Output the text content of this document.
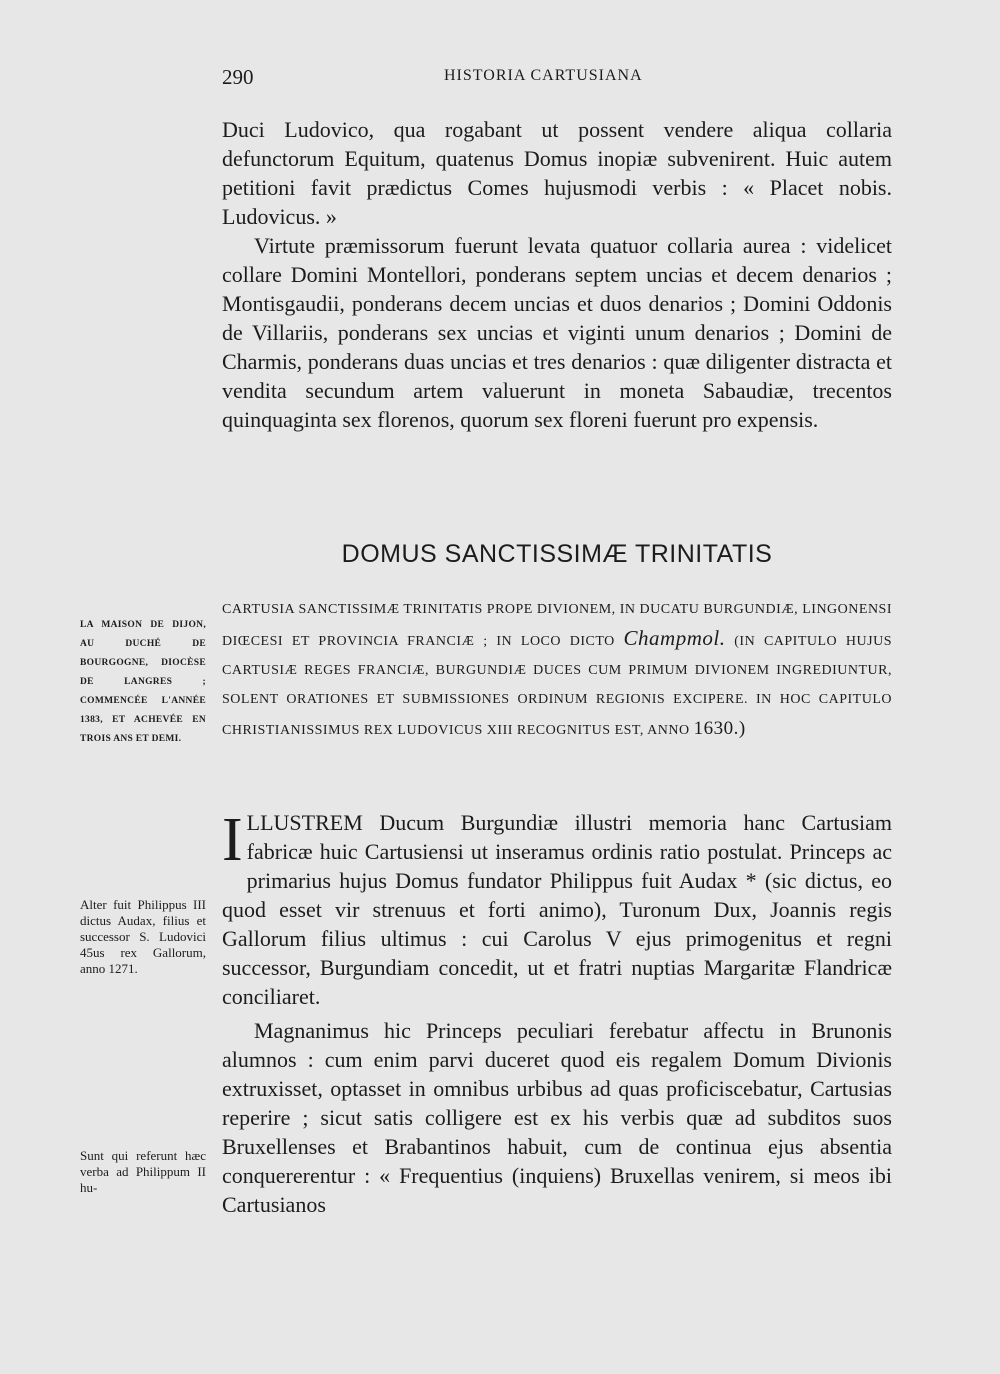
290	HISTORIA CARTUSIANA

Duci Ludovico, qua rogabant ut possent vendere aliqua collaria defunctorum Equitum, quatenus Domus inopiæ subvenirent. Huic autem petitioni favit prædictus Comes hujusmodi verbis : « Placet nobis. Ludovicus. »

Virtute præmissorum fuerunt levata quatuor collaria aurea : videlicet collare Domini Montellori, ponderans septem uncias et decem denarios ; Montisgaudii, ponderans decem uncias et duos denarios ; Domini Oddonis de Villariis, ponderans sex uncias et viginti unum denarios ; Domini de Charmis, ponderans duas uncias et tres denarios : quæ diligenter distracta et vendita secundum artem valuerunt in moneta Sabaudiæ, trecentos quinquaginta sex florenos, quorum sex floreni fuerunt pro expensis.

DOMUS SANCTISSIMÆ TRINITATIS

CARTUSIA SANCTISSIMÆ TRINITATIS PROPE DIVIONEM, IN DUCATU BURGUNDIÆ, LINGONENSI DIŒCESI ET PROVINCIA FRANCIÆ ; IN LOCO DICTO Champmol. (IN CAPITULO HUJUS CARTUSIÆ REGES FRANCIÆ, BURGUNDIÆ DUCES CUM PRIMUM DIVIONEM INGREDIUNTUR, SOLENT ORATIONES ET SUBMISSIONES ORDINUM REGIONIS EXCIPERE. IN HOC CAPITULO CHRISTIANISSIMUS REX LUDOVICUS XIII RECOGNITUS EST, ANNO 1630.)

ILLUSTREM Ducum Burgundiæ illustri memoria hanc Cartusiam fabricæ huic Cartusiensi ut inseramus ordinis ratio postulat. Princeps ac primarius hujus Domus fundator Philippus fuit Audax * (sic dictus, eo quod esset vir strenuus et forti animo), Turonum Dux, Joannis regis Gallorum filius ultimus : cui Carolus V ejus primogenitus et regni successor, Burgundiam concedit, ut et fratri nuptias Margaritæ Flandricæ conciliaret.

Magnanimus hic Princeps peculiari ferebatur affectu in Brunonis alumnos : cum enim parvi duceret quod eis regalem Domum Divionis extruxisset, optasset in omnibus urbibus ad quas proficiscebatur, Cartusias reperire ; sicut satis colligere est ex his verbis quæ ad subditos suos Bruxellenses et Brabantinos habuit, cum de continua ejus absentia conquererentur : « Frequentius (inquiens) Bruxellas venirem, si meos ibi Cartusianos

LA MAISON DE DIJON, AU DUCHÉ DE BOURGOGNE, DIOCÈSE DE LANGRES ; COMMENCÉE L'ANNÉE 1383, ET ACHEVÉE EN TROIS ANS ET DEMI.

Alter fuit Philippus III dictus Audax, filius et successor S. Ludovici 45us rex Gallorum, anno 1271.

Sunt qui referunt hæc verba ad Philippum II hu-
